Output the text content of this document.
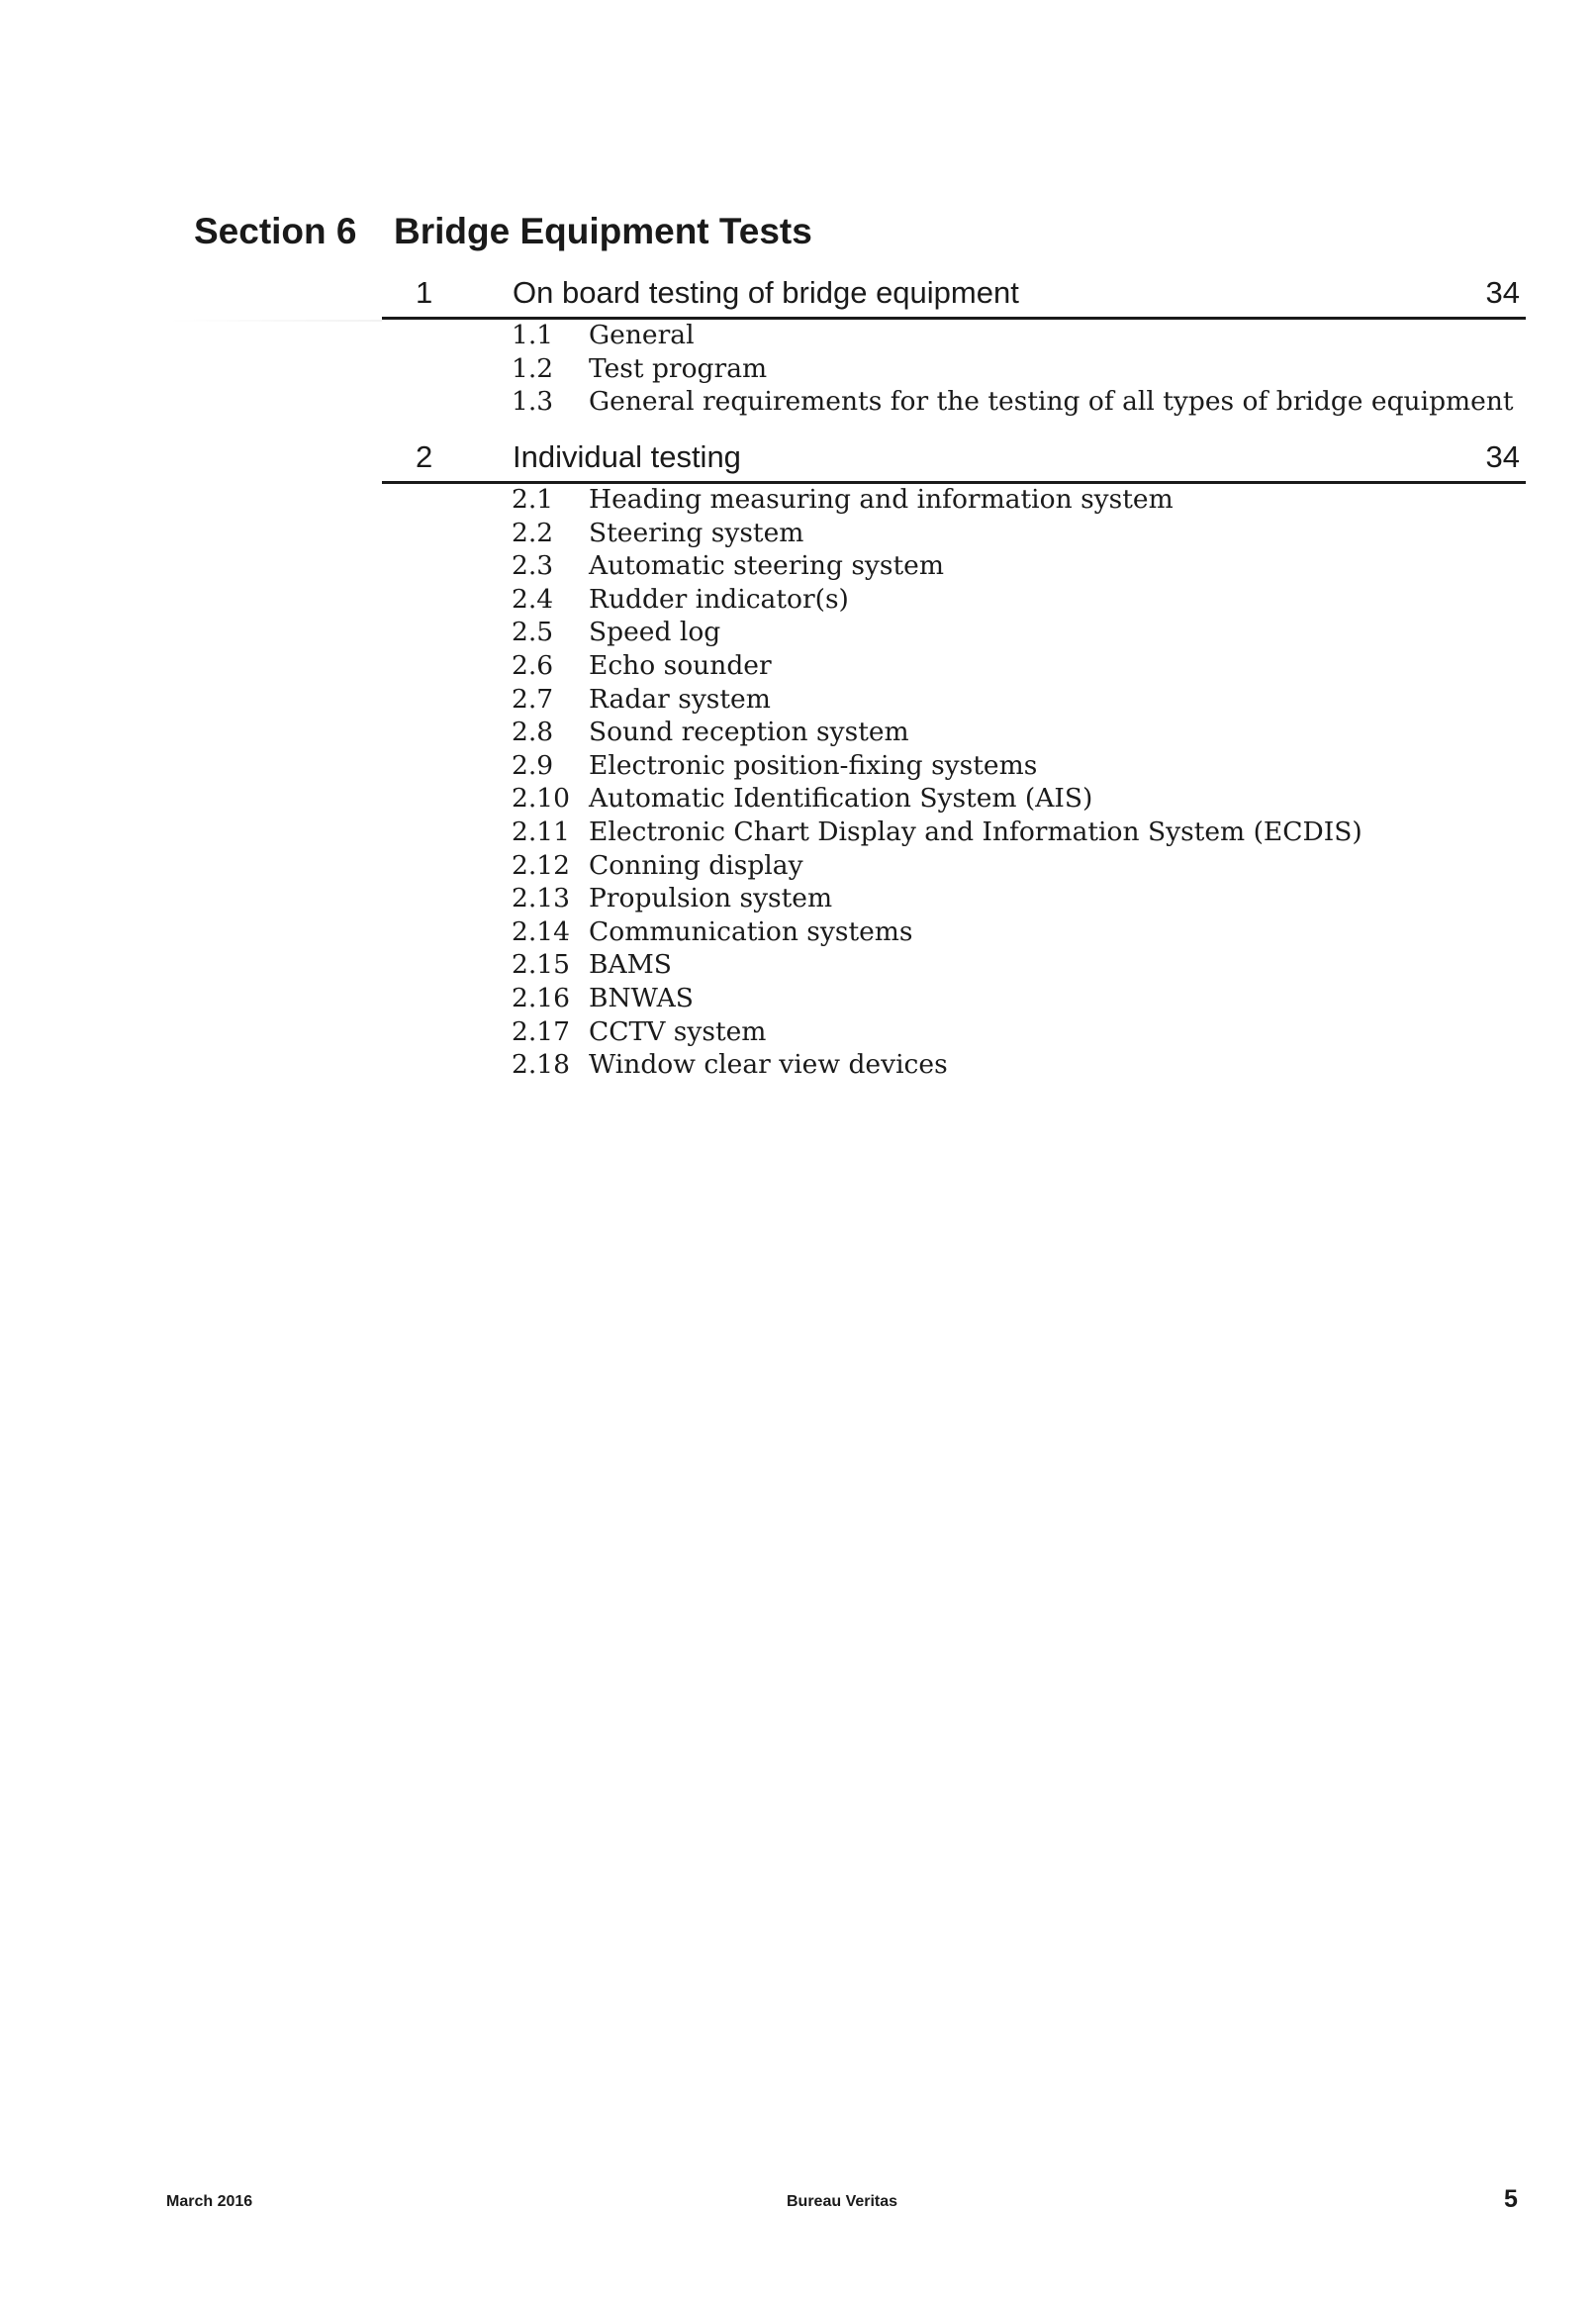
Section 6 Bridge Equipment Tests
1	On board testing of bridge equipment	34
1.1 General
1.2 Test program
1.3 General requirements for the testing of all types of bridge equipment
2	Individual testing	34
2.1 Heading measuring and information system
2.2 Steering system
2.3 Automatic steering system
2.4 Rudder indicator(s)
2.5 Speed log
2.6 Echo sounder
2.7 Radar system
2.8 Sound reception system
2.9 Electronic position-fixing systems
2.10 Automatic Identification System (AIS)
2.11 Electronic Chart Display and Information System (ECDIS)
2.12 Conning display
2.13 Propulsion system
2.14 Communication systems
2.15 BAMS
2.16 BNWAS
2.17 CCTV system
2.18 Window clear view devices
March 2016	Bureau Veritas	5
